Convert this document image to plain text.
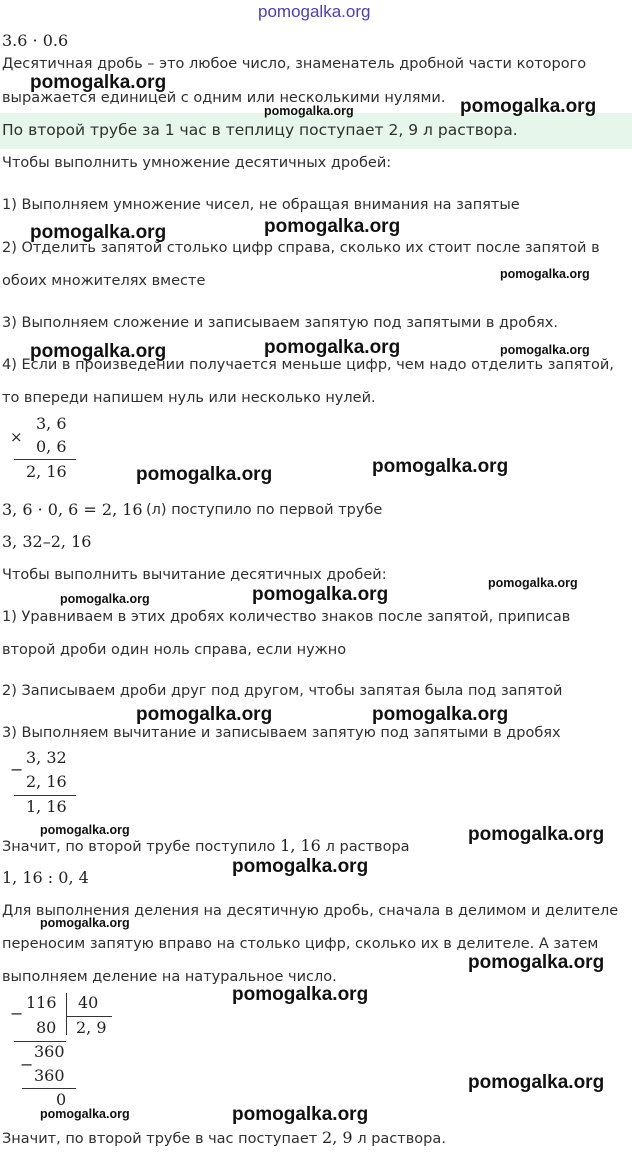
pomogalka.org
3.6 · 0.6
Десятичная дробь – это любое число, знаменатель дробной части которого
выражается единицей с одним или несколькими нулями.
По второй трубе за 1 час в теплицу поступает 2, 9 л раствора.
Чтобы выполнить умножение десятичных дробей:
1) Выполняем умножение чисел, не обращая внимания на запятые
2) Отделить запятой столько цифр справа, сколько их стоит после запятой в
обоих множителях вместе
3) Выполняем сложение и записываем запятую под запятыми в дробях.
4) Если в произведении получается меньше цифр, чем надо отделить запятой,
то впереди напишем нуль или несколько нулей.
×
3, 6
0, 6
2, 16
3, 6 · 0, 6 = 2, 16 (л) поступило по первой трубе
3, 32–2, 16
Чтобы выполнить вычитание десятичных дробей:
1) Уравниваем в этих дробях количество знаков после запятой, приписав
второй дроби один ноль справа, если нужно
2) Записываем дроби друг под другом, чтобы запятая была под запятой
3) Выполняем вычитание и записываем запятую под запятыми в дробях
−
3, 32
2, 16
1, 16
Значит, по второй трубе поступило 1, 16 л раствора
1, 16 : 0, 4
Для выполнения деления на десятичную дробь, сначала в делимом и делителе
переносим запятую вправо на столько цифр, сколько их в делителе. А затем
выполняем деление на натуральное число.
−
116 40
80 2, 9
360
−
360
0
Значит, по второй трубе в час поступает 2, 9 л раствора.
pomogalka.org
pomogalka.org	pomogalka.org
pomogalka.org
pomogalka.org
pomogalka.org
pomogalka.org
pomogalka.org	pomogalka.org
pomogalka.org	pomogalka.org
pomogalka.org
pomogalka.org	pomogalka.org
pomogalka.org	pomogalka.org
pomogalka.org	pomogalka.org
pomogalka.org
pomogalka.org
pomogalka.org
pomogalka.org
pomogalka.org
pomogalka.org	pomogalka.org
